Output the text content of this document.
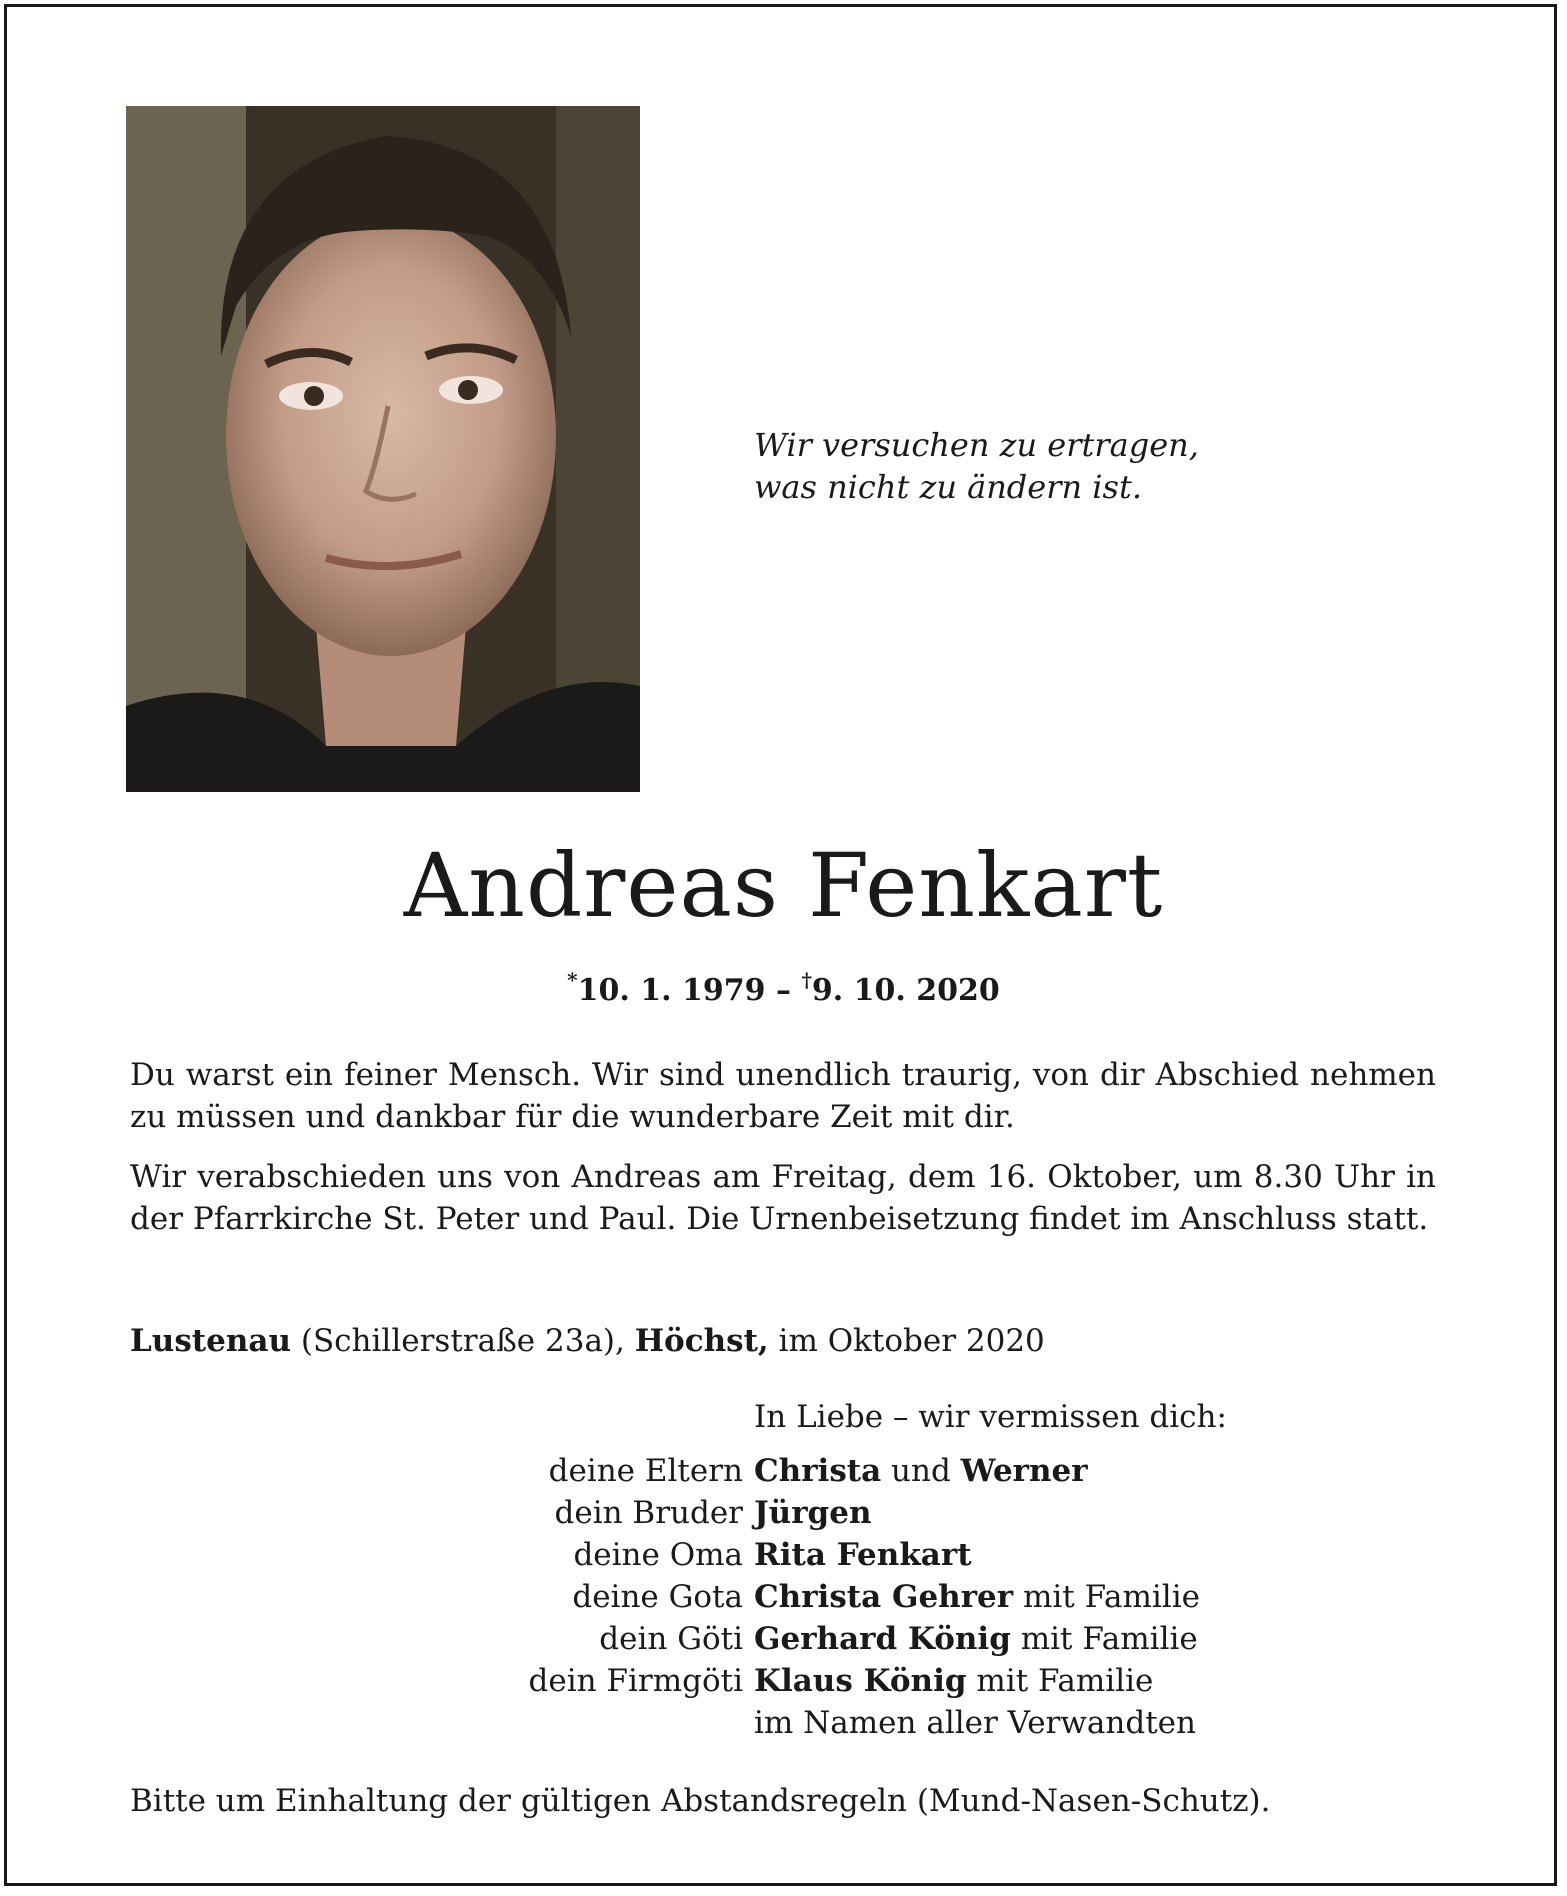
Wir versuchen zu ertragen,
was nicht zu ändern ist.
Andreas Fenkart
*10. 1. 1979 – †9. 10. 2020
Du warst ein feiner Mensch. Wir sind unendlich traurig, von dir Abschied nehmen zu müssen und dankbar für die wunderbare Zeit mit dir.
Wir verabschieden uns von Andreas am Freitag, dem 16. Oktober, um 8.30 Uhr in der Pfarrkirche St. Peter und Paul. Die Urnenbeisetzung findet im Anschluss statt.
Lustenau (Schillerstraße 23a), Höchst, im Oktober 2020
In Liebe – wir vermissen dich:
deine Eltern Christa und Werner
dein Bruder Jürgen
deine Oma Rita Fenkart
deine Gota Christa Gehrer mit Familie
dein Göti Gerhard König mit Familie
dein Firmgöti Klaus König mit Familie
im Namen aller Verwandten
Bitte um Einhaltung der gültigen Abstandsregeln (Mund-Nasen-Schutz).
